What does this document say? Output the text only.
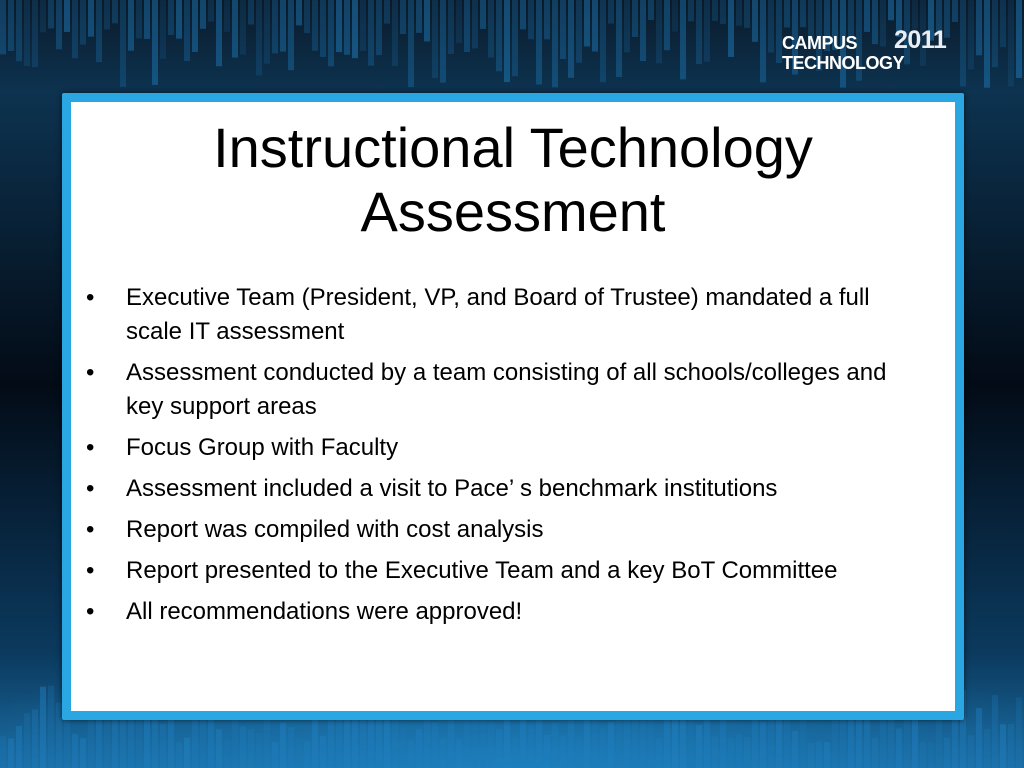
CAMPUS 2011
TECHNOLOGY
Instructional Technology
Assessment
• Executive Team (President, VP, and Board of Trustee) mandated a full scale IT assessment
• Assessment conducted by a team consisting of all schools/colleges and key support areas
• Focus Group with Faculty
• Assessment included a visit to Pace’ s benchmark institutions
• Report was compiled with cost analysis
• Report presented to the Executive Team and a key BoT Committee
• All recommendations were approved!
